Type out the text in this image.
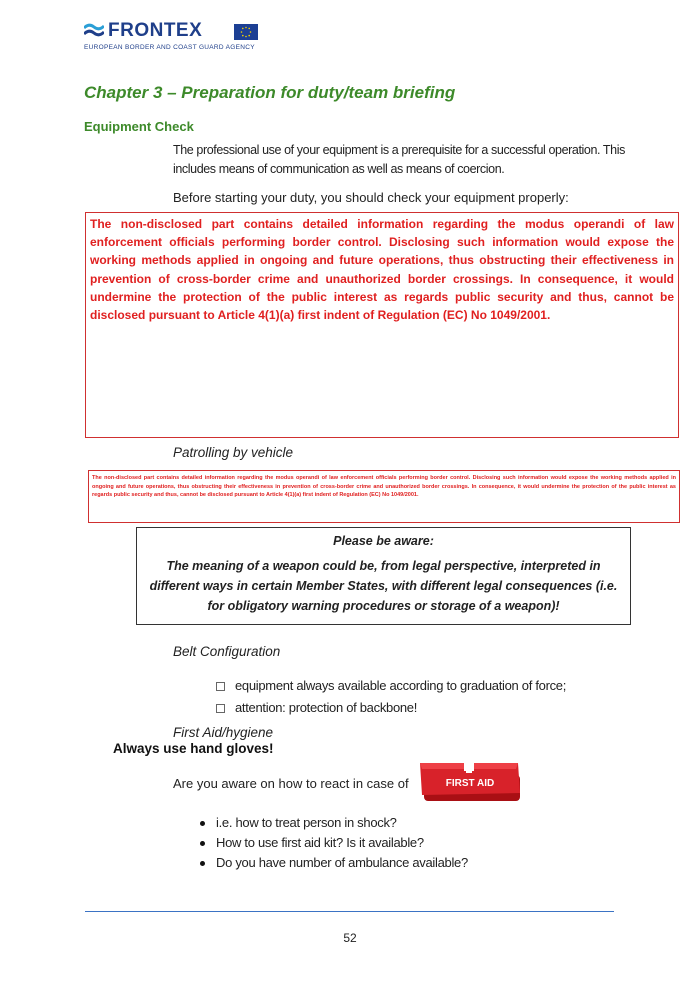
FRONTEX
EUROPEAN BORDER AND COAST GUARD AGENCY
Chapter 3 – Preparation for duty/team briefing
Equipment Check
The professional use of your equipment is a prerequisite for a successful operation. This includes means of communication as well as means of coercion.
Before starting your duty, you should check your equipment properly:

The non-disclosed part contains detailed information regarding the modus operandi of law enforcement officials performing border control. Disclosing such information would expose the working methods applied in ongoing and future operations, thus obstructing their effectiveness in prevention of cross-border crime and unauthorized border crossings. In consequence, it would undermine the protection of the public interest as regards public security and thus, cannot be disclosed pursuant to Article 4(1)(a) first indent of Regulation (EC) No 1049/2001.

Patrolling by vehicle

The non-disclosed part contains detailed information regarding the modus operandi of law enforcement officials performing border control. Disclosing such information would expose the working methods applied in ongoing and future operations, thus obstructing their effectiveness in prevention of cross-border crime and unauthorized border crossings. In consequence, it would undermine the protection of the public interest as regards public security and thus, cannot be disclosed pursuant to Article 4(1)(a) first indent of Regulation (EC) No 1049/2001.

Please be aware:
The meaning of a weapon could be, from legal perspective, interpreted in different ways in certain Member States, with different legal consequences (i.e. for obligatory warning procedures or storage of a weapon)!
Belt Configuration
equipment always available according to graduation of force;
attention: protection of backbone!
First Aid/hygiene
Always use hand gloves!
Are you aware on how to react in case of	FIRST AID
i.e. how to treat person in shock?
How to use first aid kit? Is it available?
Do you have number of ambulance available?
52
